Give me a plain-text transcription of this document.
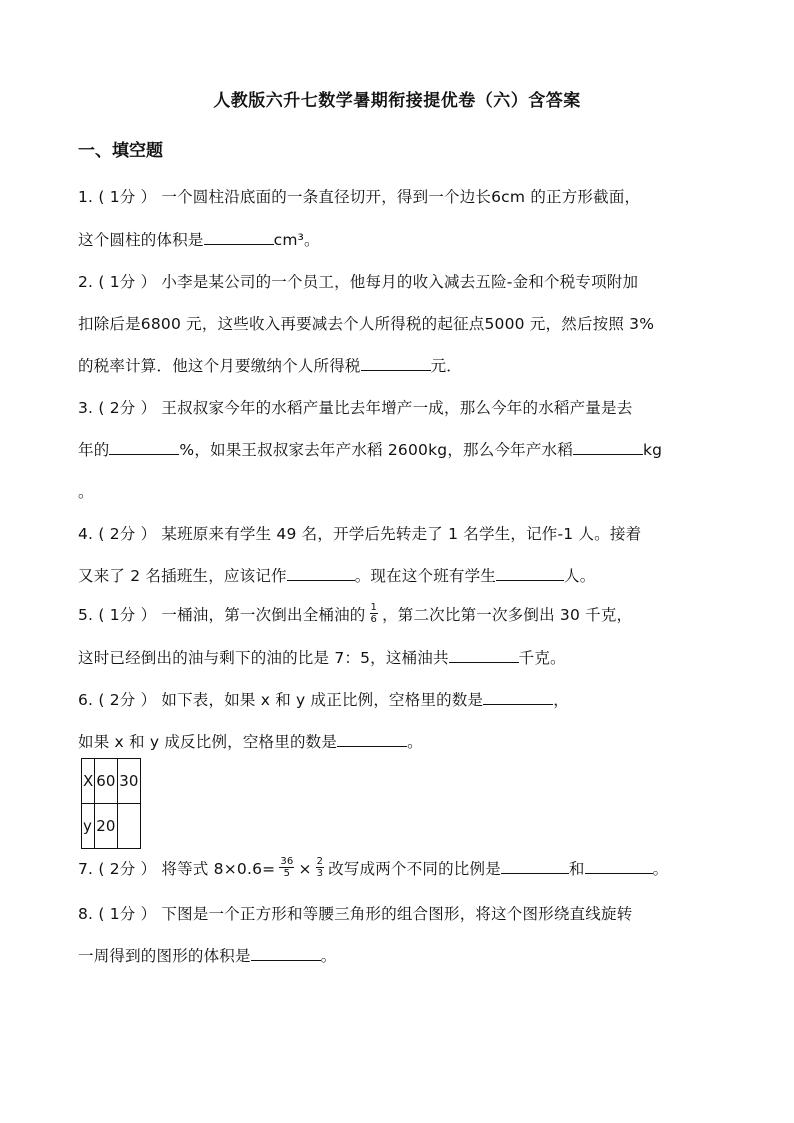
人教版六升七数学暑期衔接提优卷（六）含答案
一、填空题
1. ( 1分 ） 一个圆柱沿底面的一条直径切开，得到一个边长6cm 的正方形截面，
这个圆柱的体积是	cm³。
2. ( 1分 ） 小李是某公司的一个员工，他每月的收入减去五险-金和个税专项附加
扣除后是6800 元，这些收入再要减去个人所得税的起征点5000 元，然后按照 3%
的税率计算．他这个月要缴纳个人所得税	元．
3. ( 2分 ） 王叔叔家今年的水稻产量比去年增产一成，那么今年的水稻产量是去
年的	%，如果王叔叔家去年产水稻 2600kg，那么今年产水稻	kg
。
4. ( 2分 ） 某班原来有学生 49 名，开学后先转走了 1 名学生，记作-1 人。接着
又来了 2 名插班生，应该记作	。现在这个班有学生	人。
5. ( 1分 ） 一桶油，第一次倒出全桶油的 $\frac{1}{6}$ ，第二次比第一次多倒出 30 千克，
这时已经倒出的油与剩下的油的比是 7：5，这桶油共	千克。
6. ( 2分 ） 如下表，如果 x 和 y 成正比例，空格里的数是	，
如果 x 和 y 成反比例，空格里的数是	。
X	60	30
y	20	
7. ( 2分 ） 将等式 $8\times 0.6= \frac{36}{5} \times \frac{2}{3}$ 改写成两个不同的比例是	和	。
8. ( 1分 ） 下图是一个正方形和等腰三角形的组合图形，将这个图形绕直线旋转
一周得到的图形的体积是	。
